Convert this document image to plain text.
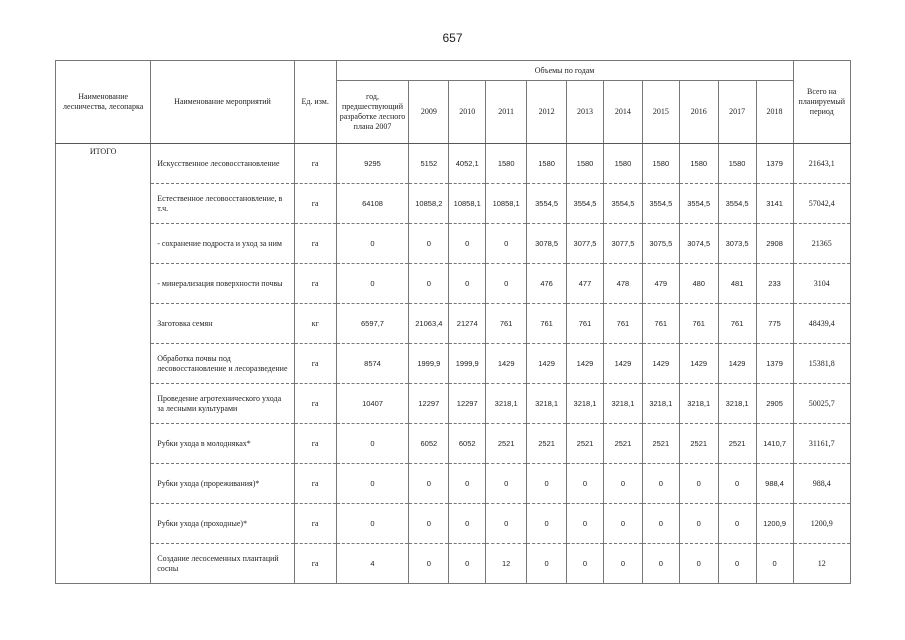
657
Наименование лесничества, лесопарка	Наименование мероприятий	Ед. изм.	Объемы по годам											Всего на планируемый период
			год, предшествующий разработке лесного плана 2007	2009	2010	2011	2012	2013	2014	2015	2016	2017	2018	
ИТОГО	Искусственное лесовосстановление	га	9295	5152	4052,1	1580	1580	1580	1580	1580	1580	1580	1379	21643,1
	Естественное лесовосстановление, в т.ч.	га	64108	10858,2	10858,1	10858,1	3554,5	3554,5	3554,5	3554,5	3554,5	3554,5	3141	57042,4
	- сохранение подроста и уход за ним	га	0	0	0	0	3078,5	3077,5	3077,5	3075,5	3074,5	3073,5	2908	21365
	- минерализация поверхности почвы	га	0	0	0	0	476	477	478	479	480	481	233	3104
	Заготовка семян	кг	6597,7	21063,4	21274	761	761	761	761	761	761	761	775	48439,4
	Обработка почвы под лесовосстановление и лесоразведение	га	8574	1999,9	1999,9	1429	1429	1429	1429	1429	1429	1429	1379	15381,8
	Проведение агротехнического ухода за лесными культурами	га	10407	12297	12297	3218,1	3218,1	3218,1	3218,1	3218,1	3218,1	3218,1	2905	50025,7
	Рубки ухода в молодняках*	га	0	6052	6052	2521	2521	2521	2521	2521	2521	2521	1410,7	31161,7
	Рубки ухода (прореживания)*	га	0	0	0	0	0	0	0	0	0	0	988,4	988,4
	Рубки ухода (проходные)*	га	0	0	0	0	0	0	0	0	0	0	1200,9	1200,9
	Создание лесосеменных плантаций сосны	га	4	0	0	12	0	0	0	0	0	0	0	12
